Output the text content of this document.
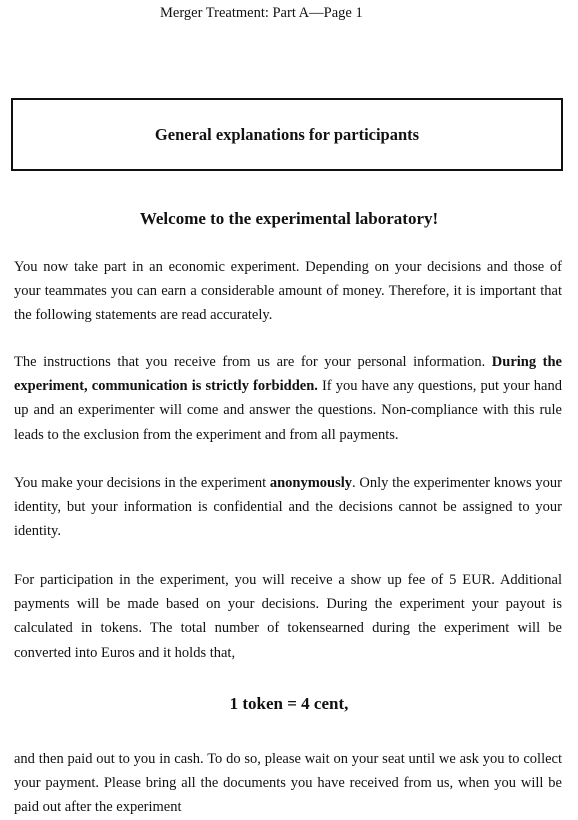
Merger Treatment: Part A—Page 1
General explanations for participants
Welcome to the experimental laboratory!

You now take part in an economic experiment. Depending on your decisions and those of your teammates you can earn a considerable amount of money. Therefore, it is important that the following statements are read accurately.

The instructions that you receive from us are for your personal information. During the experiment, communication is strictly forbidden. If you have any questions, put your hand up and an experimenter will come and answer the questions. Non-compliance with this rule leads to the exclusion from the experiment and from all payments.

You make your decisions in the experiment anonymously. Only the experimenter knows your identity, but your information is confidential and the decisions cannot be assigned to your identity.

For participation in the experiment, you will receive a show up fee of 5 EUR. Additional payments will be made based on your decisions. During the experiment your payout is calculated in tokens. The total number of tokensearned during the experiment will be converted into Euros and it holds that,

1 token = 4 cent,

and then paid out to you in cash. To do so, please wait on your seat until we ask you to collect your payment. Please bring all the documents you have received from us, when you will be paid out after the experiment
